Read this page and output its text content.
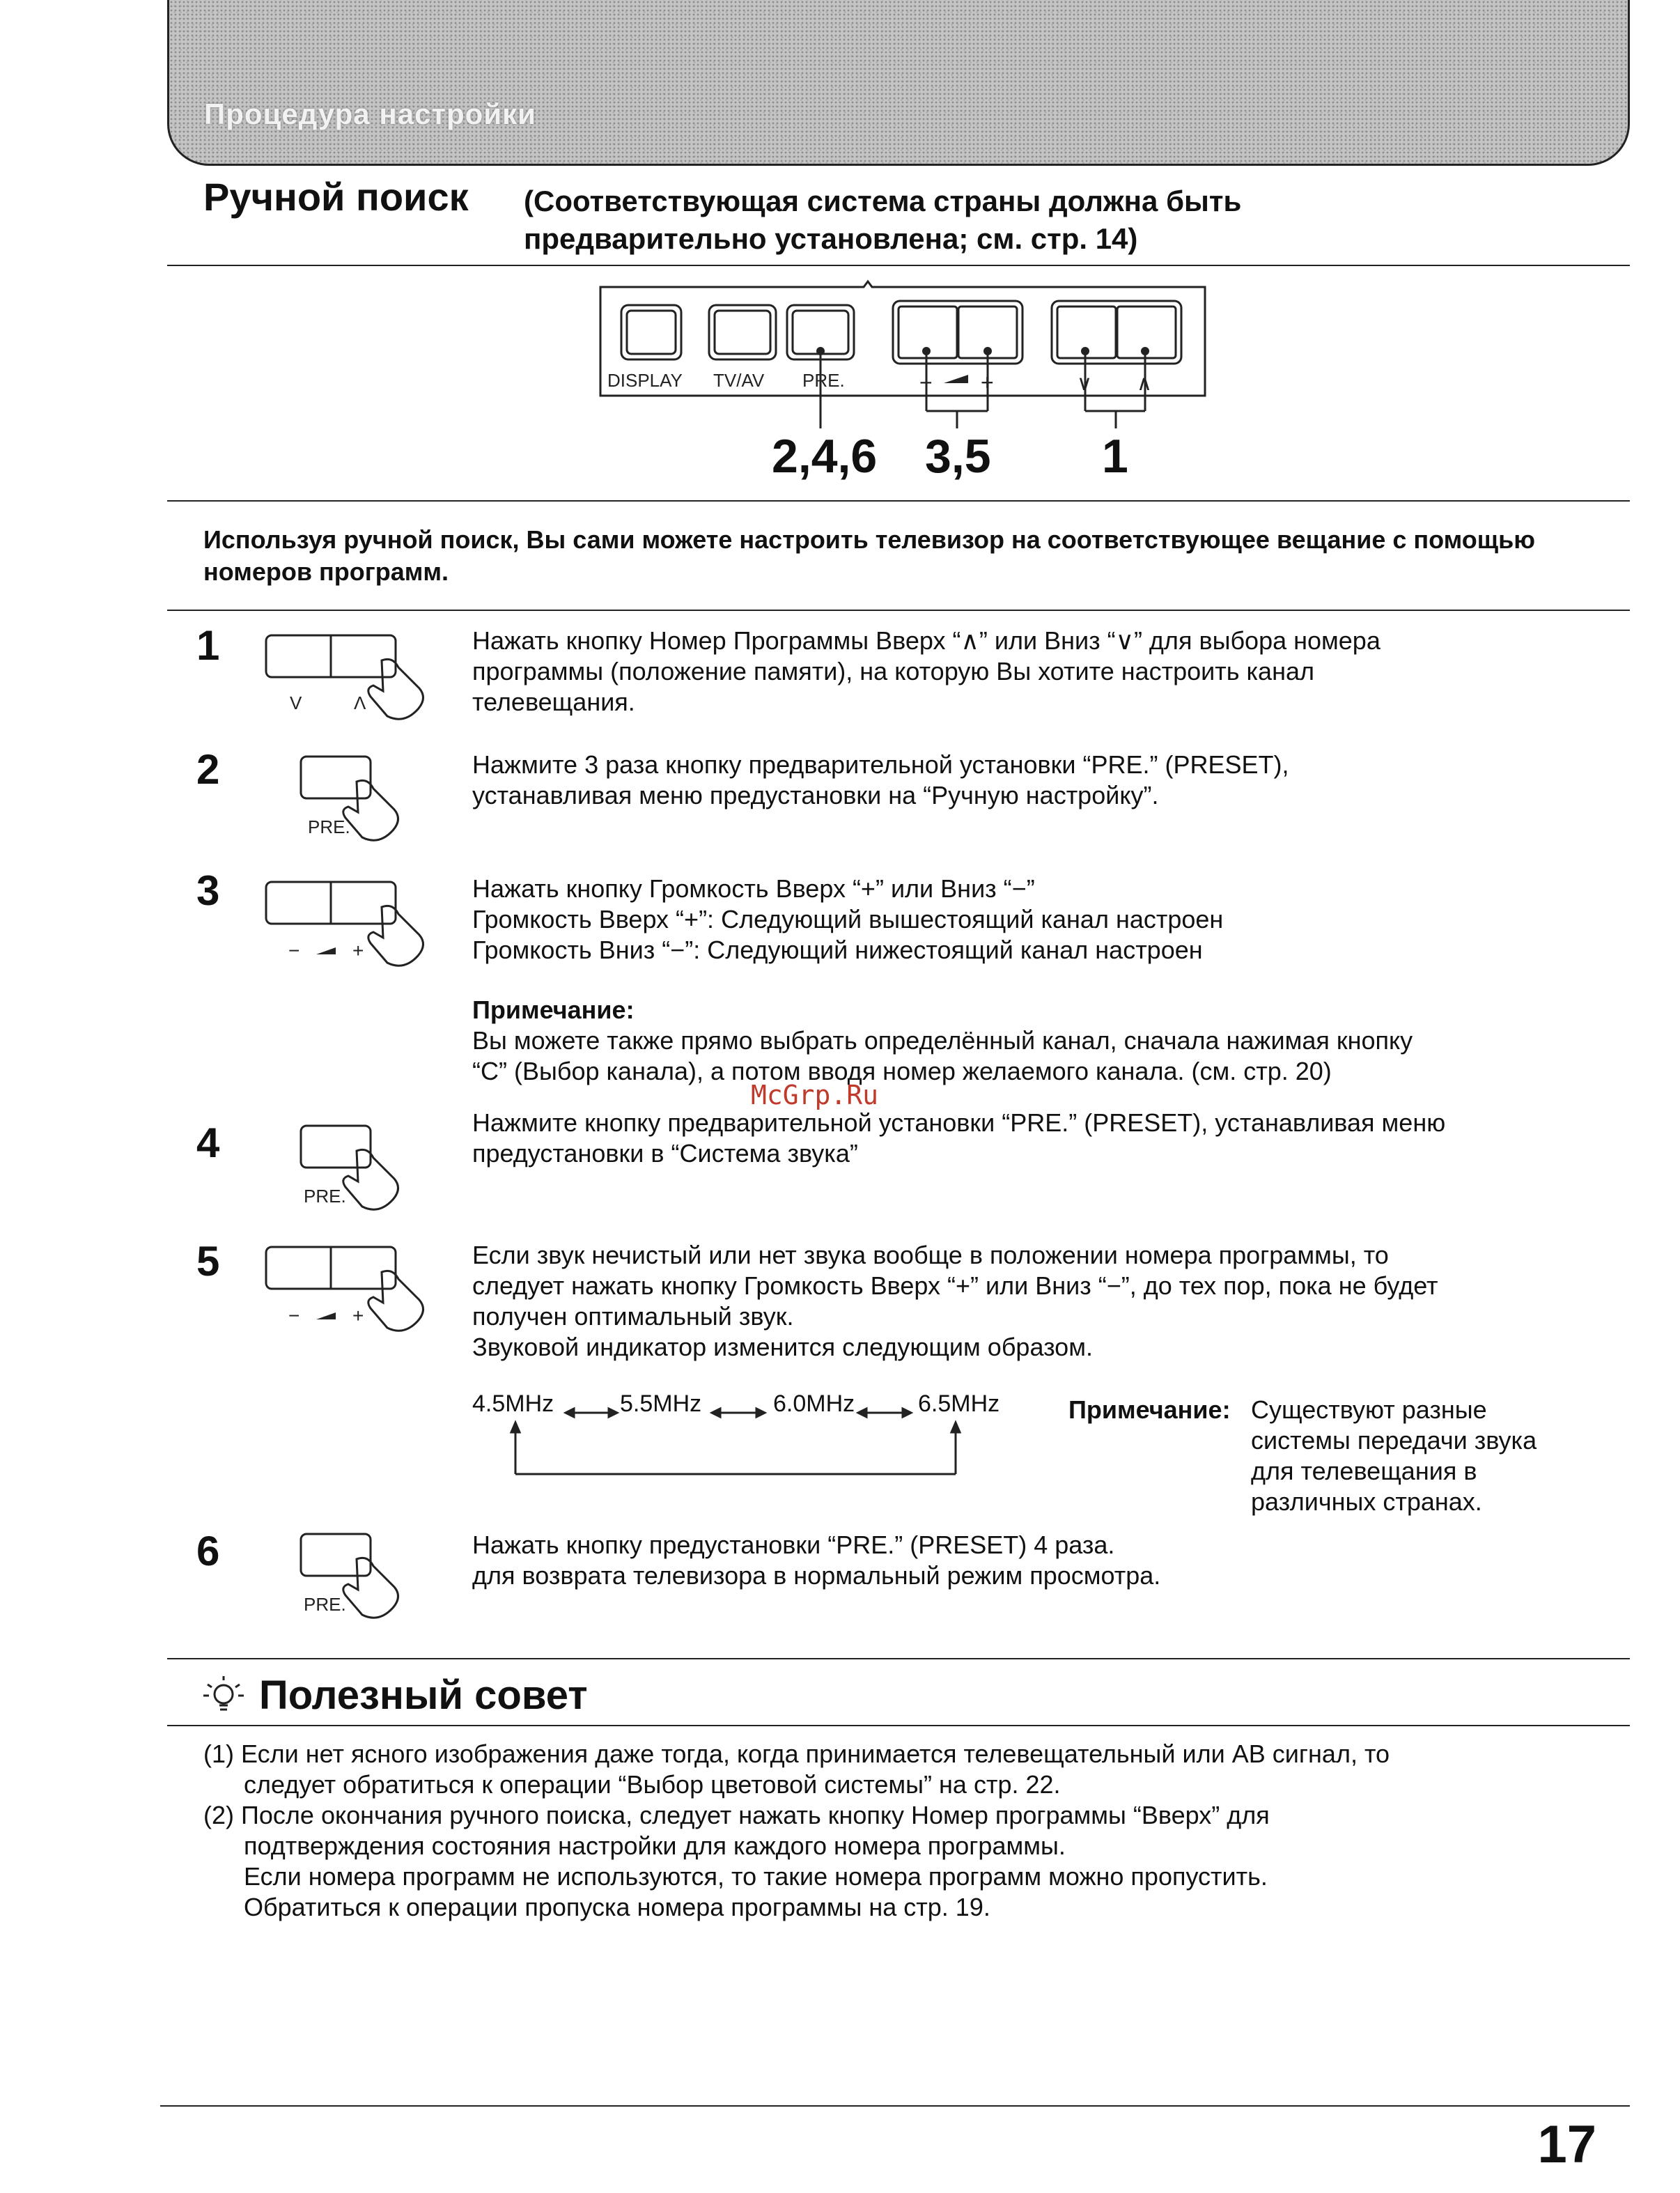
Процедура настройки
Ручной поиск (Соответствующая система страны должна быть
предварительно установлена; см. стр. 14)
DISPLAY TV/AV PRE.	− +	∨ ∧
2,4,6 3,5 1
Используя ручной поиск, Вы сами можете настроить телевизор на соответствующее вещание с помощью номеров программ.
1
V	Λ
Нажать кнопку Номер Программы Вверх “∧” или Вниз “∨” для выбора номера
программы (положение памяти), на которую Вы хотите настроить канал
телевещания.
2
PRE.
Нажмите 3 раза кнопку предварительной установки “PRE.” (PRESET),
устанавливая меню предустановки на “Ручную настройку”.
3
−	+
Нажать кнопку Громкость Вверх “+” или Вниз “−”
Громкость Вверх “+”: Следующий вышестоящий канал настроен
Громкость Вниз “−”: Следующий нижестоящий канал настроен
Примечание:
Вы можете также прямо выбрать определённый канал, сначала нажимая кнопку
“C” (Выбор канала), а потом вводя номер желаемого канала. (см. стр. 20)
McGrp.Ru
4
PRE.
Нажмите кнопку предварительной установки “PRE.” (PRESET), устанавливая меню
предустановки в “Система звука”
5
−	+
Если звук нечистый или нет звука вообще в положении номера программы, то
следует нажать кнопку Громкость Вверх “+” или Вниз “−”, до тех пор, пока не будет
получен оптимальный звук.
Звуковой индикатор изменится следующим образом.
4.5MHz	5.5MHz	6.0MHz	6.5MHz	Примечание: Существуют разные
системы передачи звука
для телевещания в
различных странах.
6
PRE.
Нажать кнопку предустановки “PRE.” (PRESET) 4 раза.
для возврата телевизора в нормальный режим просмотра.
Полезный совет
(1) Если нет ясного изображения даже тогда, когда принимается телевещательный или АВ сигнал, то
следует обратиться к операции “Выбор цветовой системы” на стр. 22.
(2) После окончания ручного поиска, следует нажать кнопку Номер программы “Вверх” для
подтверждения состояния настройки для каждого номера программы.
Если номера программ не используются, то такие номера программ можно пропустить.
Обратиться к операции пропуска номера программы на стр. 19.
17
